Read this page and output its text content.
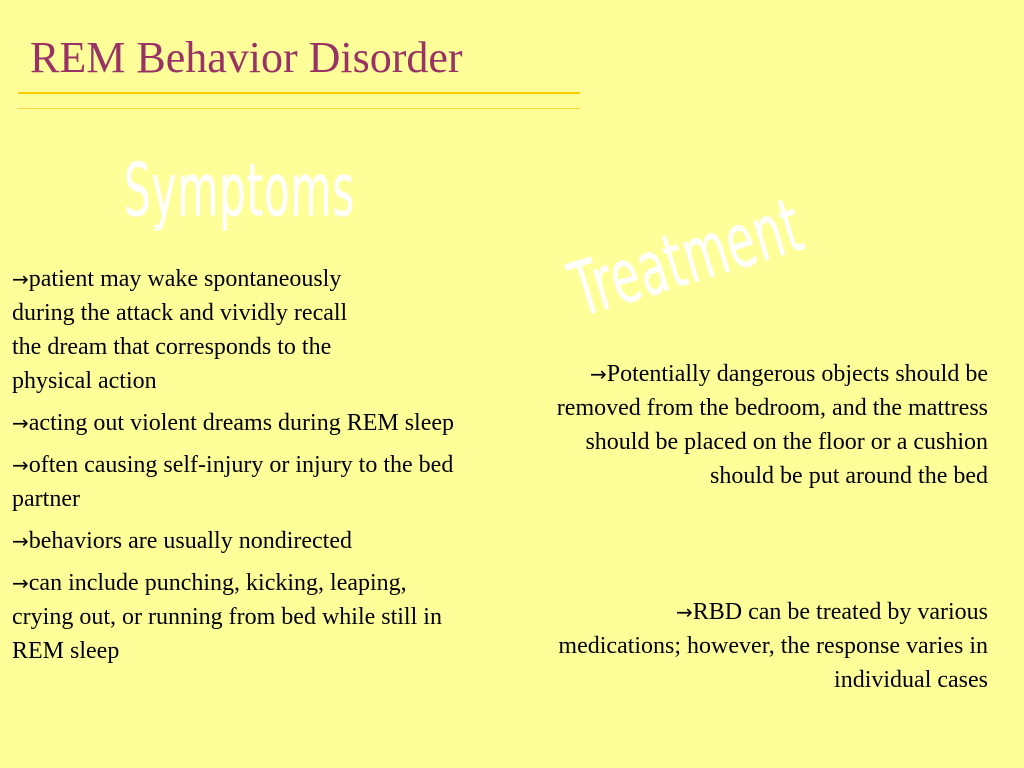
REM Behavior Disorder
Symptoms	Treatment
→patient may wake spontaneously during the attack and vividly recall the dream that corresponds to the physical action
→acting out violent dreams during REM sleep
→often causing self-injury or injury to the bed partner
→behaviors are usually nondirected
→can include punching, kicking, leaping, crying out, or running from bed while still in REM sleep
→Potentially dangerous objects should be removed from the bedroom, and the mattress should be placed on the floor or a cushion should be put around the bed
→RBD can be treated by various medications; however, the response varies in individual cases
